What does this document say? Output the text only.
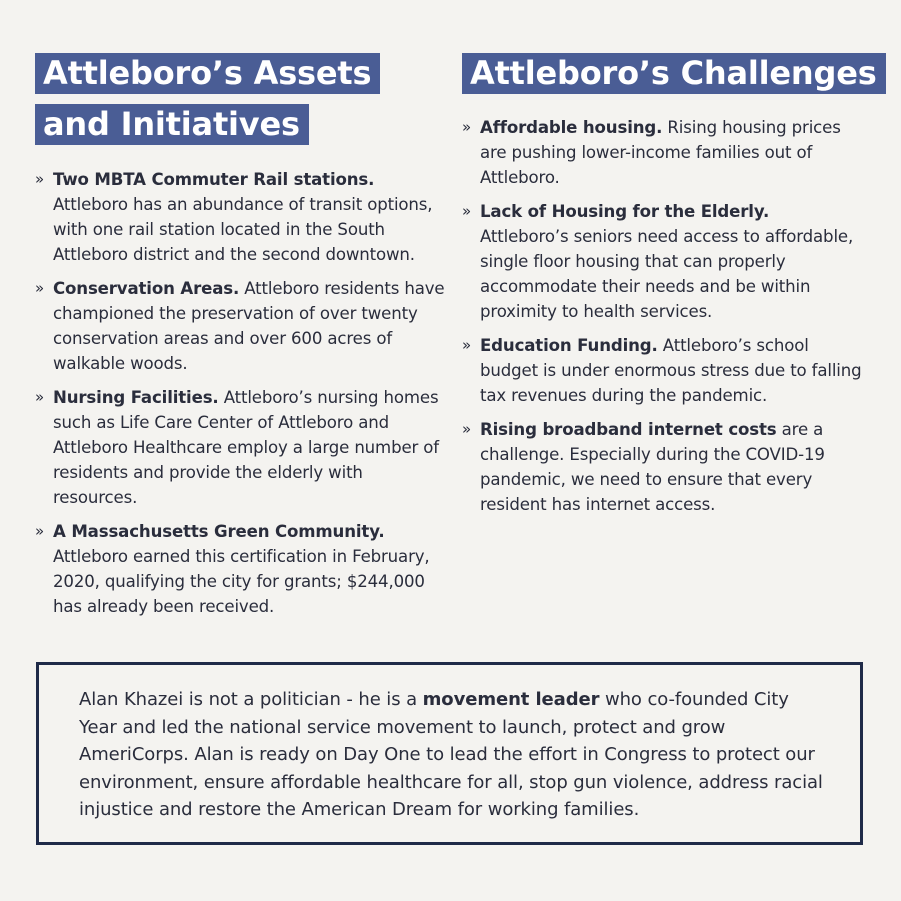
Attleboro’s Assets
and Initiatives
» Two MBTA Commuter Rail stations. Attleboro has an abundance of transit options, with one rail station located in the South Attleboro district and the second downtown.
» Conservation Areas. Attleboro residents have championed the preservation of over twenty conservation areas and over 600 acres of walkable woods.
» Nursing Facilities. Attleboro’s nursing homes such as Life Care Center of Attleboro and Attleboro Healthcare employ a large number of residents and provide the elderly with resources.
» A Massachusetts Green Community. Attleboro earned this certification in February, 2020, qualifying the city for grants; $244,000 has already been received.
Attleboro’s Challenges
» Affordable housing. Rising housing prices are pushing lower-income families out of Attleboro.
» Lack of Housing for the Elderly. Attleboro’s seniors need access to affordable, single floor housing that can properly accommodate their needs and be within proximity to health services.
» Education Funding. Attleboro’s school budget is under enormous stress due to falling tax revenues during the pandemic.
» Rising broadband internet costs are a challenge. Especially during the COVID-19 pandemic, we need to ensure that every resident has internet access.
Alan Khazei is not a politician - he is a movement leader who co-founded City Year and led the national service movement to launch, protect and grow AmeriCorps. Alan is ready on Day One to lead the effort in Congress to protect our environment, ensure affordable healthcare for all, stop gun violence, address racial injustice and restore the American Dream for working families.
